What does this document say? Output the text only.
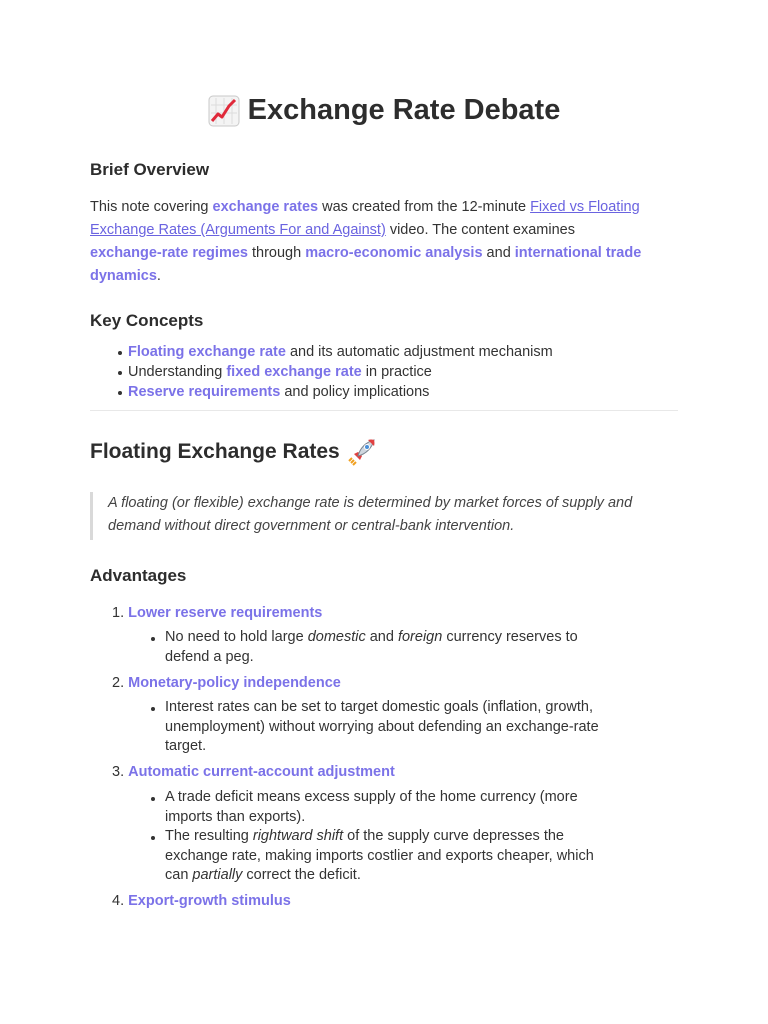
Exchange Rate Debate
Brief Overview
This note covering exchange rates was created from the 12-minute Fixed vs Floating
Exchange Rates (Arguments For and Against) video. The content examines
exchange-rate regimes through macro-economic analysis and international trade
dynamics.
Key Concepts
Floating exchange rate and its automatic adjustment mechanism
Understanding fixed exchange rate in practice
Reserve requirements and policy implications
Floating Exchange Rates
A floating (or flexible) exchange rate is determined by market forces of supply and
demand without direct government or central-bank intervention.
Advantages
1. Lower reserve requirements
No need to hold large domestic and foreign currency reserves to
defend a peg.
2. Monetary-policy independence
Interest rates can be set to target domestic goals (inflation, growth,
unemployment) without worrying about defending an exchange-rate
target.
3. Automatic current-account adjustment
A trade deficit means excess supply of the home currency (more
imports than exports).
The resulting rightward shift of the supply curve depresses the
exchange rate, making imports costlier and exports cheaper, which
can partially correct the deficit.
4. Export-growth stimulus
